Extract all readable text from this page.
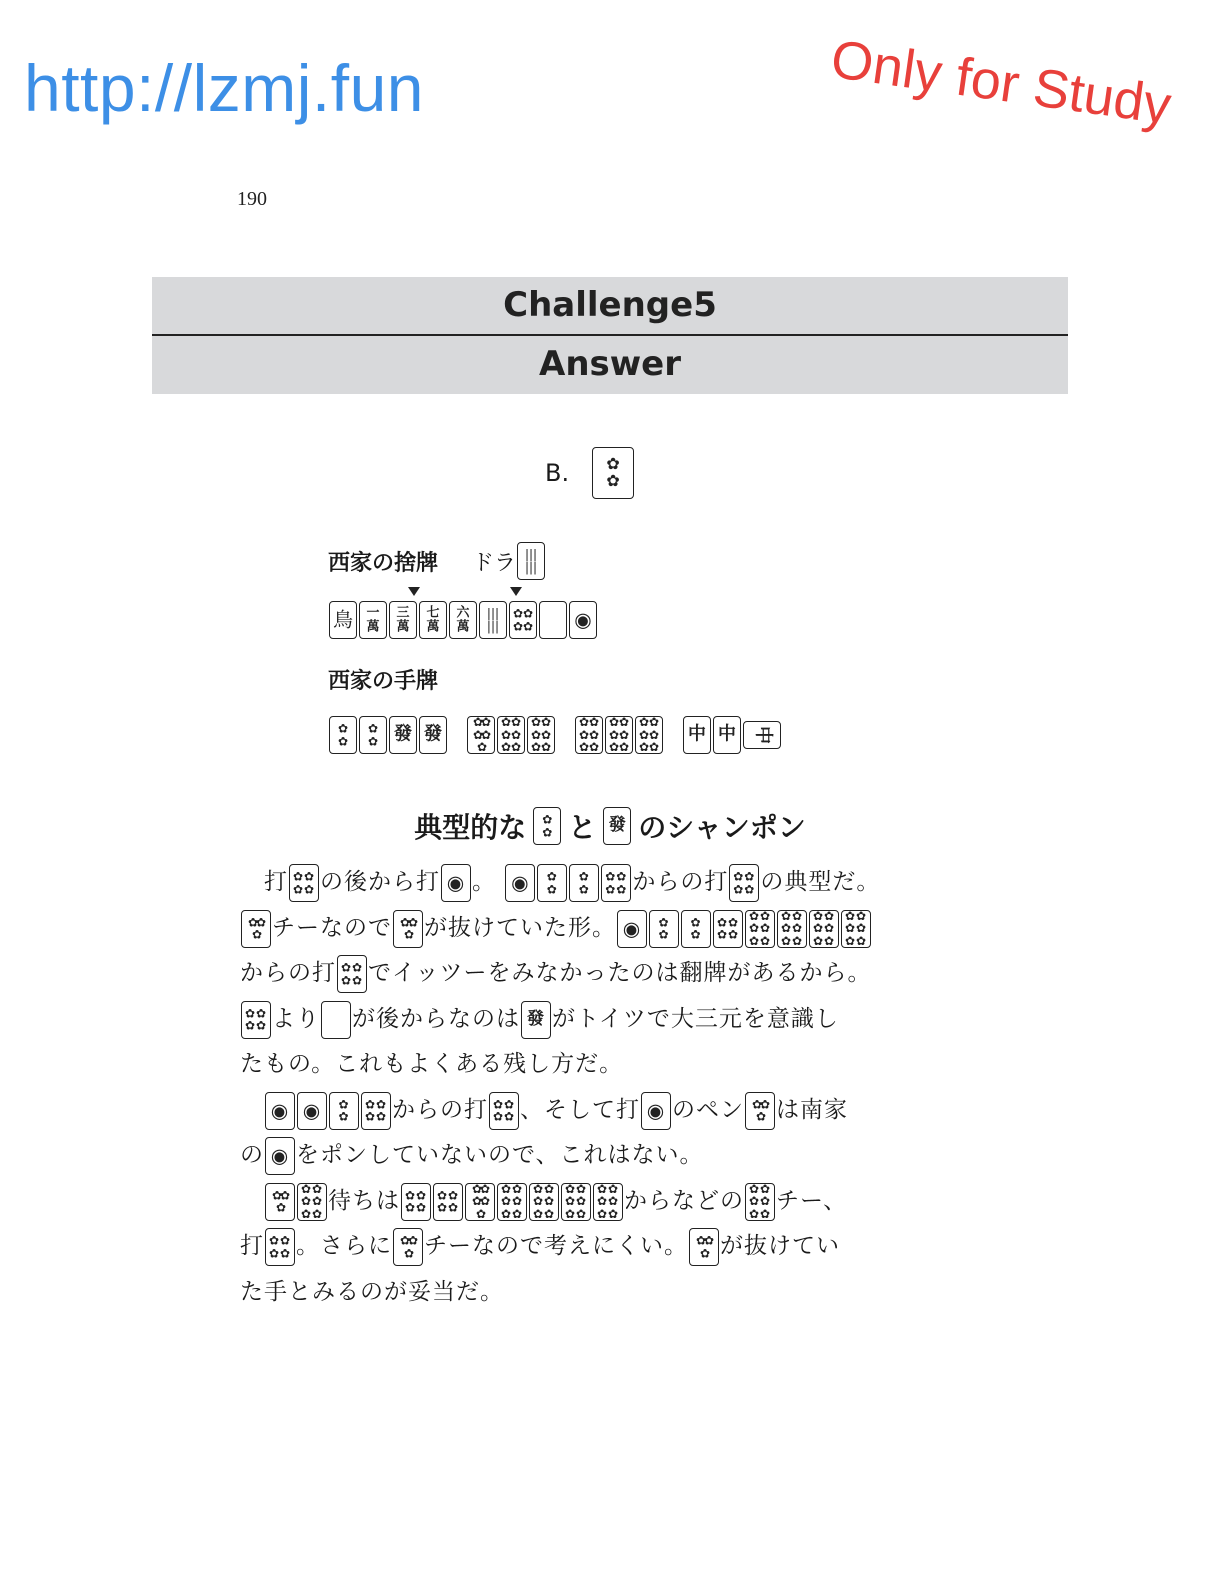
http://lzmj.fun	Only for Study
190
Challenge5
Answer
B.	✿
✿
西家の捨牌 ドラ |||
|||
鳥	一
萬
三
萬
七
萬
六
萬
|||
|||
✿✿
✿✿ ◉
西家の手牌
✿
✿
✿
✿ 發 發
✿✿✿✿✿
✿✿
✿✿
✿✿
✿✿
✿✿
✿✿
✿✿
✿✿
✿✿
✿✿
✿✿
✿✿
✿✿
✿✿
✿✿
中 中 中
典型的な	✿
✿ と 發 のシャンポン
打 ✿✿
✿✿ の後から打 ◉ 。 ◉	✿
✿
✿
✿
✿✿
✿✿ からの打 ✿✿
✿✿ の典型だ。

✿✿✿ チーなので ✿✿✿ が抜けていた形。 ◉	✿
✿
✿
✿
✿✿
✿✿
✿✿
✿✿
✿✿
✿✿
✿✿
✿✿
✿✿
✿✿
✿✿
✿✿
✿✿
✿✿

からの打 ✿✿
✿✿ でイッツーをみなかったのは翻牌があるから。

✿✿
✿✿ より が後からなのは 發 がトイツで大三元を意識し
たもの。これもよくある残し方だ。

◉ ◉	✿
✿
✿✿
✿✿ からの打 ✿✿
✿✿ 、そして打 ◉ のペン ✿✿✿ は南家
の ◉ をポンしていないので、これはない。

✿✿✿
✿✿
✿✿
✿✿
待ちは ✿✿
✿✿
✿✿
✿✿
✿✿✿✿✿
✿✿
✿✿
✿✿
✿✿
✿✿
✿✿
✿✿
✿✿
✿✿
✿✿
✿✿
✿✿
からなどの ✿✿
✿✿
✿✿
チー、
打 ✿✿
✿✿ 。さらに ✿✿✿ チーなので考えにくい。 ✿✿✿ が抜けてい
た手とみるのが妥当だ。
